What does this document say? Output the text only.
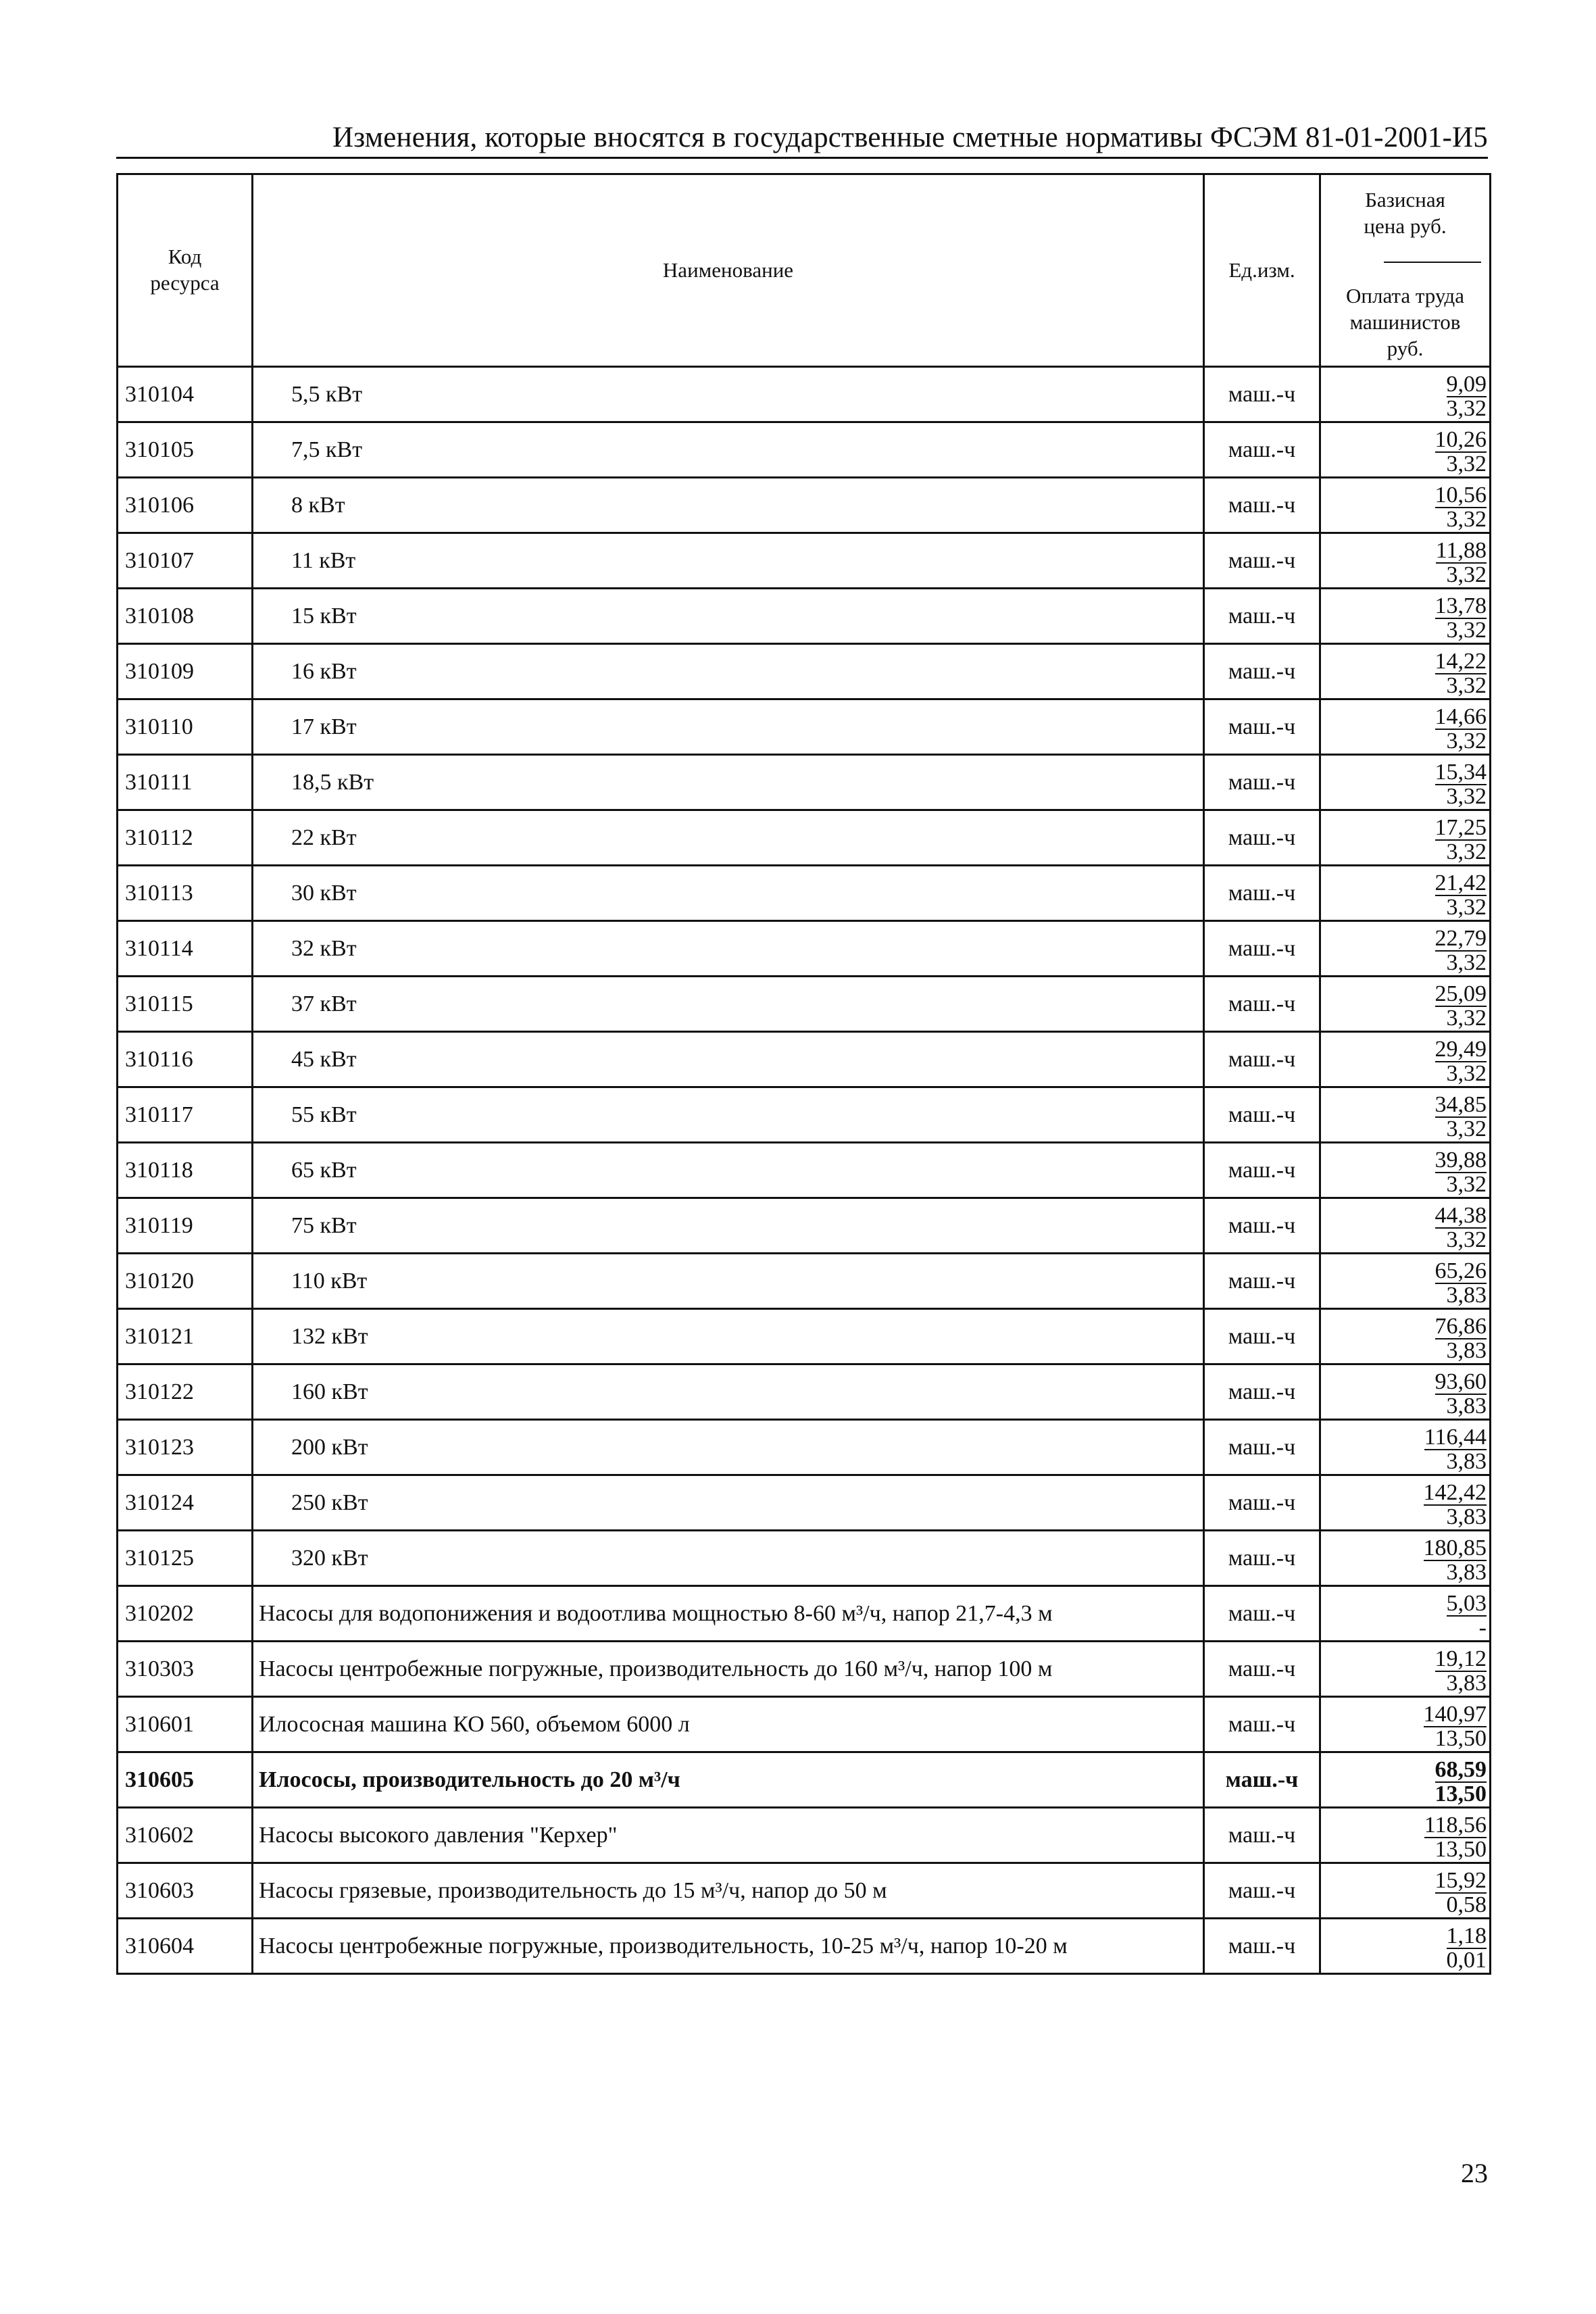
Изменения, которые вносятся в государственные сметные нормативы ФСЭМ 81-01-2001-И5
Код ресурса	Наименование	Ед.изм.	Базисная цена руб.
Оплата труда машинистов руб.

310104	5,5 кВт	маш.-ч	9,09
3,32

310105	7,5 кВт	маш.-ч	10,26
3,32

310106	8 кВт	маш.-ч	10,56
3,32

310107	11 кВт	маш.-ч	11,88
3,32

310108	15 кВт	маш.-ч	13,78
3,32

310109	16 кВт	маш.-ч	14,22
3,32

310110	17 кВт	маш.-ч	14,66
3,32

310111	18,5 кВт	маш.-ч	15,34
3,32

310112	22 кВт	маш.-ч	17,25
3,32

310113	30 кВт	маш.-ч	21,42
3,32

310114	32 кВт	маш.-ч	22,79
3,32

310115	37 кВт	маш.-ч	25,09
3,32

310116	45 кВт	маш.-ч	29,49
3,32

310117	55 кВт	маш.-ч	34,85
3,32

310118	65 кВт	маш.-ч	39,88
3,32

310119	75 кВт	маш.-ч	44,38
3,32

310120	110 кВт	маш.-ч	65,26
3,83

310121	132 кВт	маш.-ч	76,86
3,83

310122	160 кВт	маш.-ч	93,60
3,83

310123	200 кВт	маш.-ч	116,44
3,83

310124	250 кВт	маш.-ч	142,42
3,83

310125	320 кВт	маш.-ч	180,85
3,83

310202	Насосы для водопонижения и водоотлива мощностью 8-60 м³/ч, напор 21,7-4,3 м	маш.-ч	5,03
-

310303	Насосы центробежные погружные, производительность до 160 м³/ч, напор 100 м	маш.-ч	19,12
3,83

310601	Илососная машина КО 560, объемом 6000 л	маш.-ч	140,97
13,50

310605	Илососы, производительность до 20 м³/ч	маш.-ч	68,59
13,50

310602	Насосы высокого давления "Керхер"	маш.-ч	118,56
13,50

310603	Насосы грязевые, производительность до 15 м³/ч, напор до 50 м	маш.-ч	15,92
0,58

310604	Насосы центробежные погружные, производительность, 10-25 м³/ч, напор 10-20 м	маш.-ч	1,18
0,01
23
